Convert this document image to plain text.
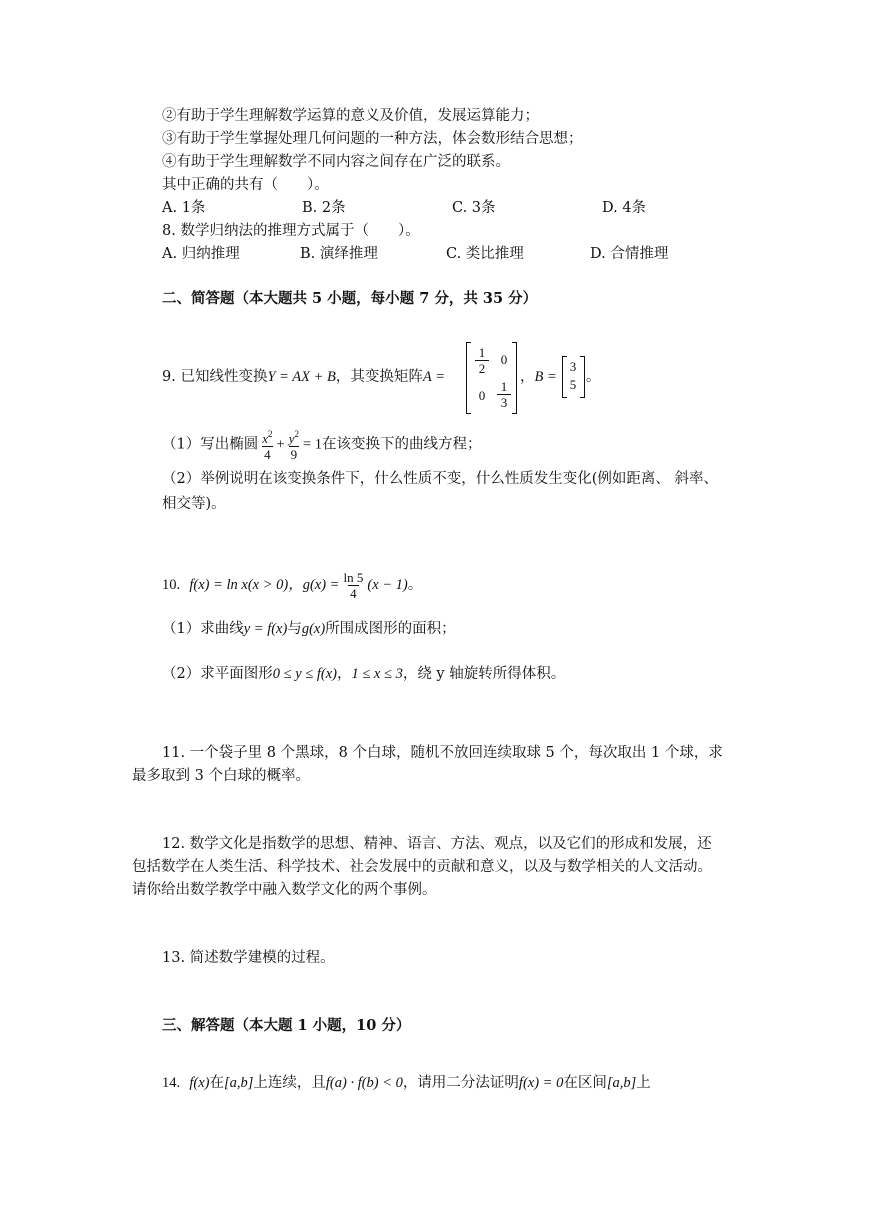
②有助于学生理解数学运算的意义及价值，发展运算能力；
③有助于学生掌握处理几何问题的一种方法，体会数形结合思想；
④有助于学生理解数学不同内容之间存在广泛的联系。
其中正确的共有（　　）。
A. 1条	B. 2条	C. 3条	D. 4条
8. 数学归纳法的推理方式属于（　　）。
A. 归纳推理	B. 演绎推理	C. 类比推理	D. 合情推理
二、简答题（本大题共 5 小题，每小题 7 分，共 35 分）
9. 已知线性变换Y = AX + B，其变换矩阵A =
1
2
0
0
1
3
，B =
3
5 。
（1）写出椭圆 $\frac{x^2}{4} + \frac{y^2}{9} = 1$在该变换下的曲线方程；
（2）举例说明在该变换条件下，什么性质不变，什么性质发生变化(例如距离、 斜率、
相交等)。
10. f(x) = ln x(x > 0)，$g(x) = \frac{\ln 5}{4} (x - 1)$。
（1）求曲线y = f(x)与g(x)所围成图形的面积；
（2）求平面图形0 ≤ y ≤ f(x)，1 ≤ x ≤ 3，绕 y 轴旋转所得体积。
11. 一个袋子里 8 个黑球，8 个白球，随机不放回连续取球 5 个，每次取出 1 个球，求
最多取到 3 个白球的概率。
12. 数学文化是指数学的思想、精神、语言、方法、观点，以及它们的形成和发展，还
包括数学在人类生活、科学技术、社会发展中的贡献和意义，以及与数学相关的人文活动。
请你给出数学教学中融入数学文化的两个事例。
13. 简述数学建模的过程。
三、解答题（本大题 1 小题，10 分）
14. f(x)在[a,b]上连续，且f(a) · f(b) < 0，请用二分法证明f(x) = 0在区间[a,b]上
